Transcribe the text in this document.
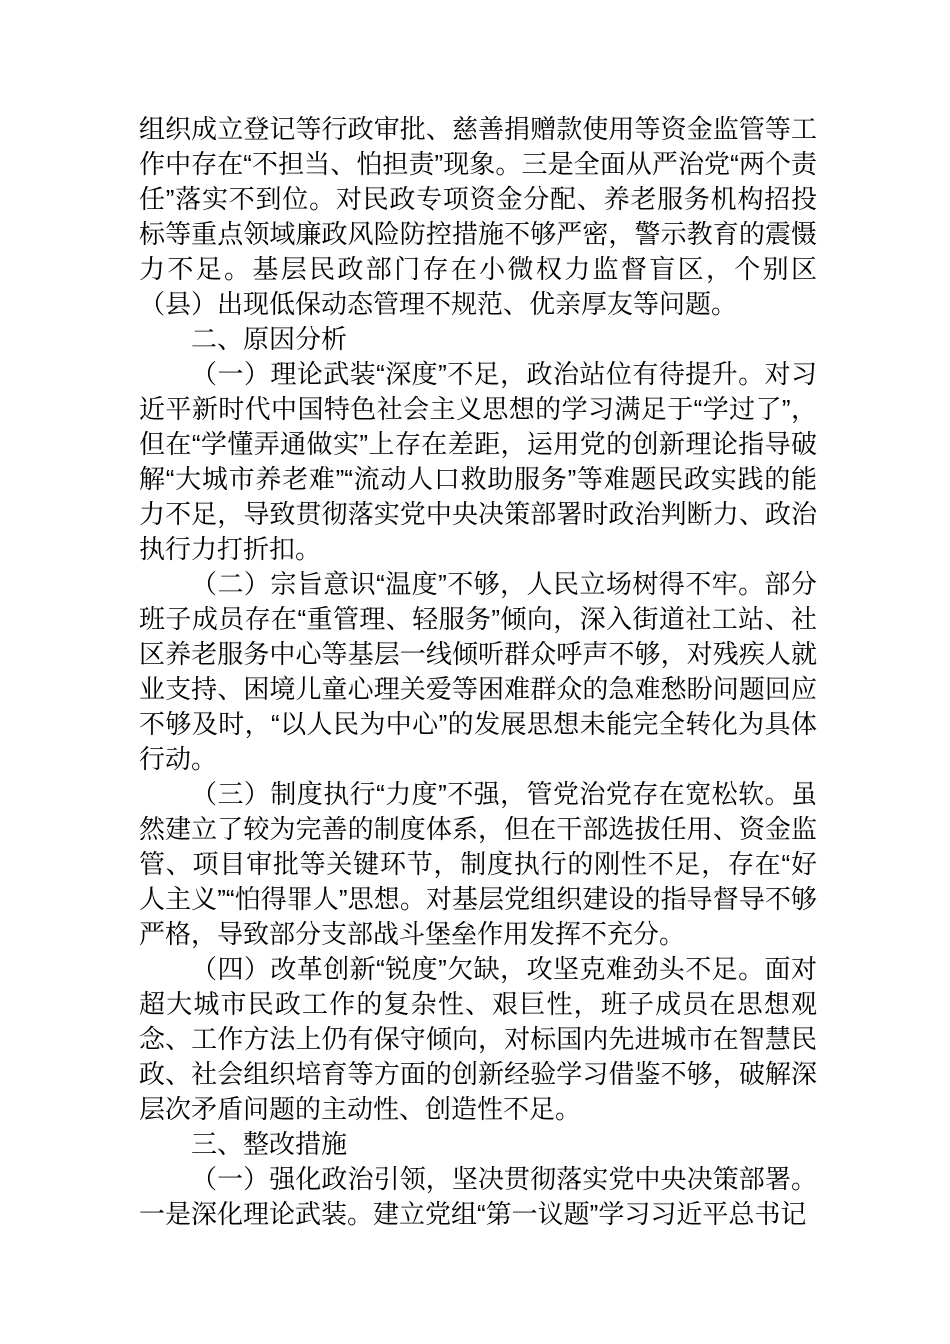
组织成立登记等行政审批、慈善捐赠款使用等资金监管等工作中存在“不担当、怕担责”现象。三是全面从严治党“两个责任”落实不到位。对民政专项资金分配、养老服务机构招投标等重点领域廉政风险防控措施不够严密，警示教育的震慑力不足。基层民政部门存在小微权力监督盲区，个别区（县）出现低保动态管理不规范、优亲厚友等问题。

二、原因分析

（一）理论武装“深度”不足，政治站位有待提升。对习近平新时代中国特色社会主义思想的学习满足于“学过了”，但在“学懂弄通做实”上存在差距，运用党的创新理论指导破解“大城市养老难”“流动人口救助服务”等难题民政实践的能力不足，导致贯彻落实党中央决策部署时政治判断力、政治执行力打折扣。

（二）宗旨意识“温度”不够，人民立场树得不牢。部分班子成员存在“重管理、轻服务”倾向，深入街道社工站、社区养老服务中心等基层一线倾听群众呼声不够，对残疾人就业支持、困境儿童心理关爱等困难群众的急难愁盼问题回应不够及时，“以人民为中心”的发展思想未能完全转化为具体行动。

（三）制度执行“力度”不强，管党治党存在宽松软。虽然建立了较为完善的制度体系，但在干部选拔任用、资金监管、项目审批等关键环节，制度执行的刚性不足，存在“好人主义”“怕得罪人”思想。对基层党组织建设的指导督导不够严格，导致部分支部战斗堡垒作用发挥不充分。

（四）改革创新“锐度”欠缺，攻坚克难劲头不足。面对超大城市民政工作的复杂性、艰巨性，班子成员在思想观念、工作方法上仍有保守倾向，对标国内先进城市在智慧民政、社会组织培育等方面的创新经验学习借鉴不够，破解深层次矛盾问题的主动性、创造性不足。

三、整改措施

（一）强化政治引领，坚决贯彻落实党中央决策部署。一是深化理论武装。建立党组“第一议题”学习习近平总书记
